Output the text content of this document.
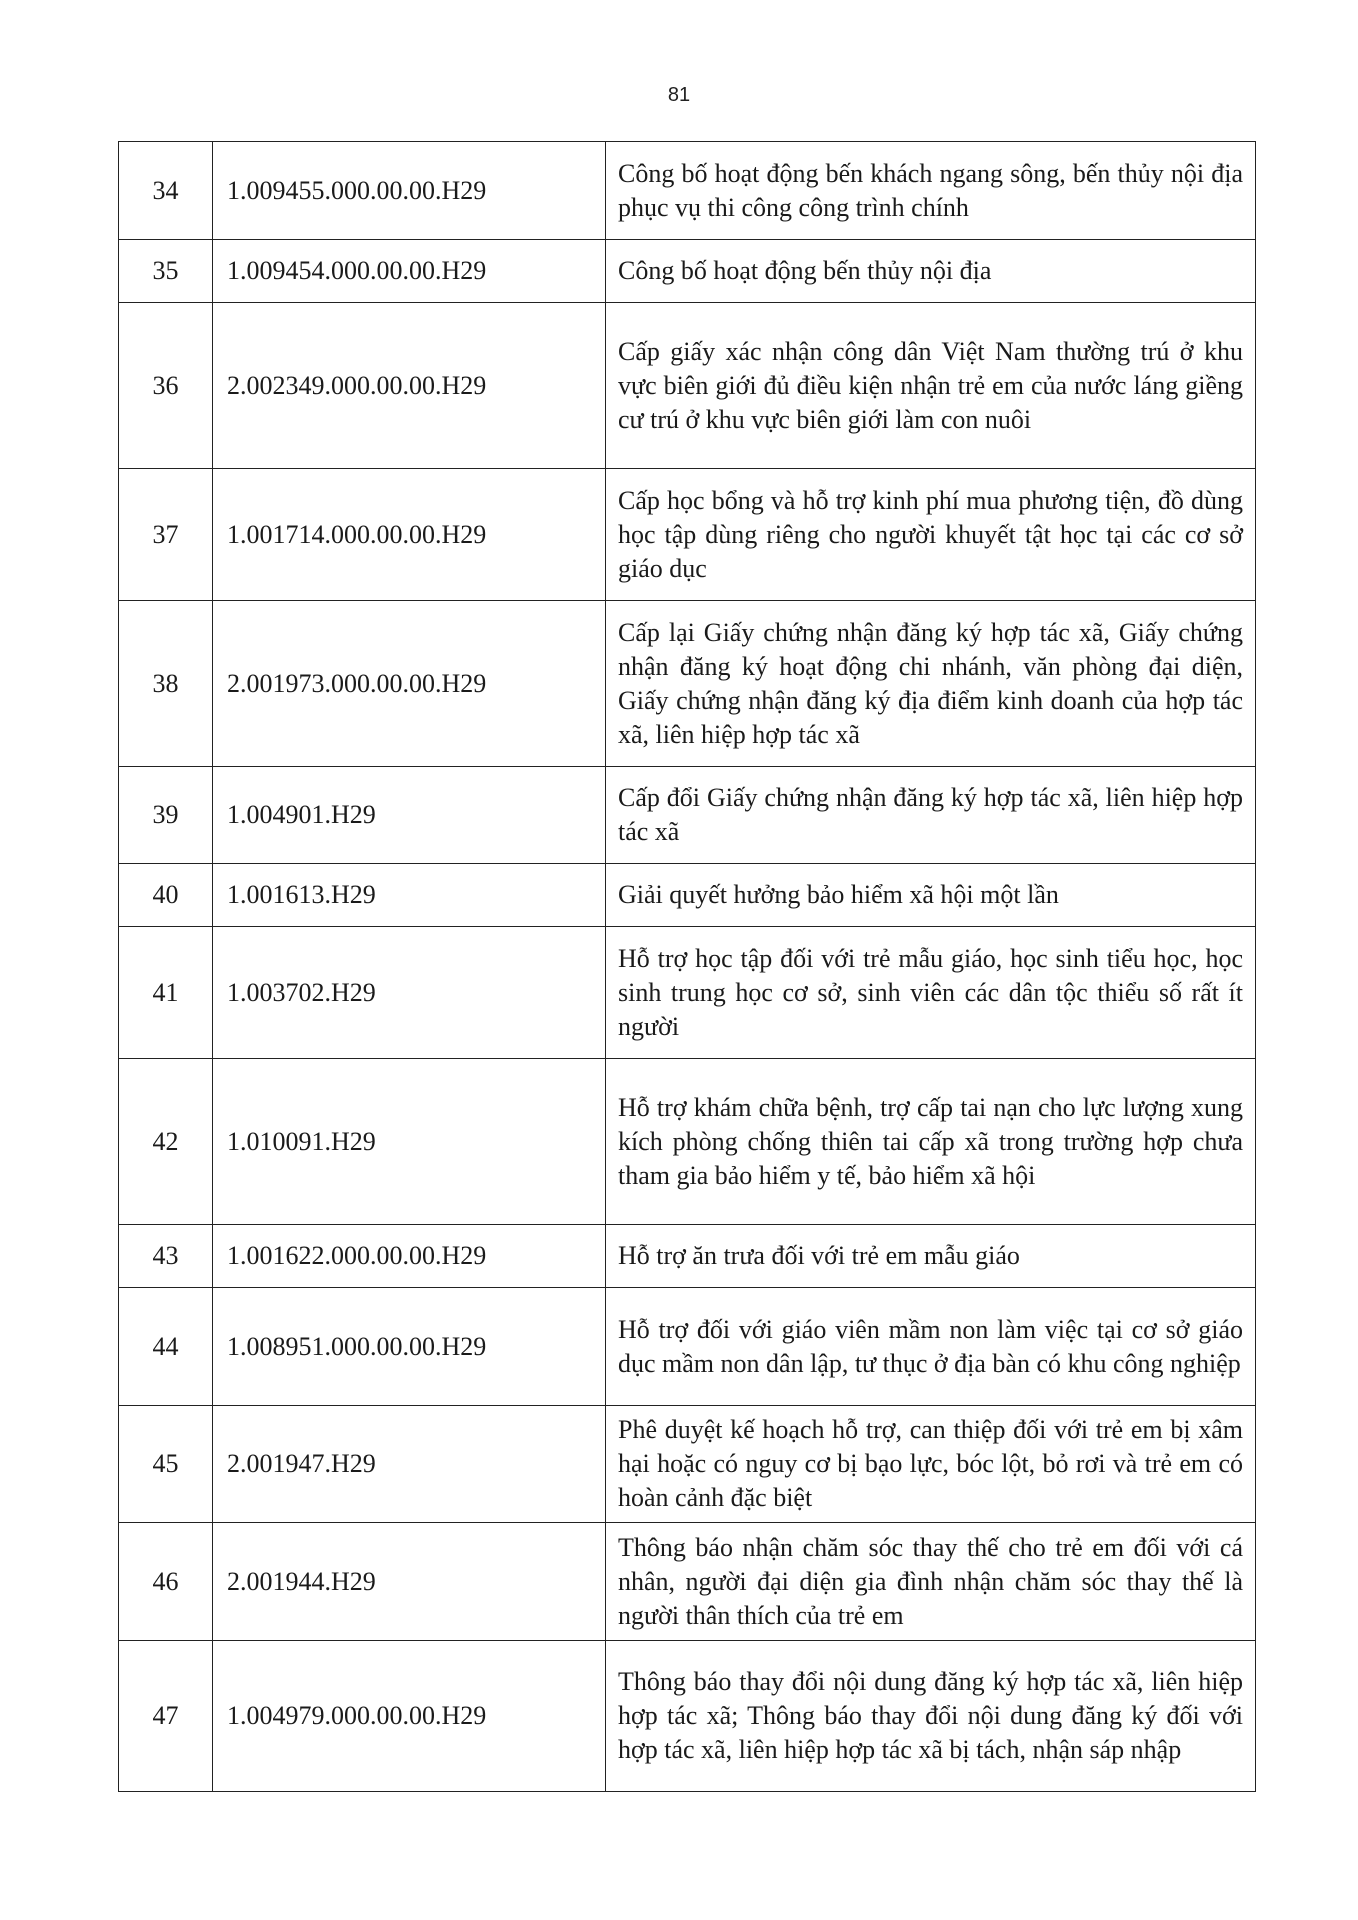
81
34	1.009455.000.00.00.H29	Công bố hoạt động bến khách ngang sông, bến thủy nội địa phục vụ thi công công trình chính

35	1.009454.000.00.00.H29	Công bố hoạt động bến thủy nội địa

36	2.002349.000.00.00.H29	Cấp giấy xác nhận công dân Việt Nam thường trú ở khu vực biên giới đủ điều kiện nhận trẻ em của nước láng giềng cư trú ở khu vực biên giới làm con nuôi

37	1.001714.000.00.00.H29	Cấp học bổng và hỗ trợ kinh phí mua phương tiện, đồ dùng học tập dùng riêng cho người khuyết tật học tại các cơ sở giáo dục

38	2.001973.000.00.00.H29	Cấp lại Giấy chứng nhận đăng ký hợp tác xã, Giấy chứng nhận đăng ký hoạt động chi nhánh, văn phòng đại diện, Giấy chứng nhận đăng ký địa điểm kinh doanh của hợp tác xã, liên hiệp hợp tác xã

39	1.004901.H29	Cấp đổi Giấy chứng nhận đăng ký hợp tác xã, liên hiệp hợp tác xã

40	1.001613.H29	Giải quyết hưởng bảo hiểm xã hội một lần

41	1.003702.H29	Hỗ trợ học tập đối với trẻ mẫu giáo, học sinh tiểu học, học sinh trung học cơ sở, sinh viên các dân tộc thiểu số rất ít người

42	1.010091.H29	Hỗ trợ khám chữa bệnh, trợ cấp tai nạn cho lực lượng xung kích phòng chống thiên tai cấp xã trong trường hợp chưa tham gia bảo hiểm y tế, bảo hiểm xã hội

43	1.001622.000.00.00.H29	Hỗ trợ ăn trưa đối với trẻ em mẫu giáo

44	1.008951.000.00.00.H29	Hỗ trợ đối với giáo viên mầm non làm việc tại cơ sở giáo dục mầm non dân lập, tư thục ở địa bàn có khu công nghiệp

45	2.001947.H29	Phê duyệt kế hoạch hỗ trợ, can thiệp đối với trẻ em bị xâm hại hoặc có nguy cơ bị bạo lực, bóc lột, bỏ rơi và trẻ em có hoàn cảnh đặc biệt

46	2.001944.H29	Thông báo nhận chăm sóc thay thế cho trẻ em đối với cá nhân, người đại diện gia đình nhận chăm sóc thay thế là người thân thích của trẻ em

47	1.004979.000.00.00.H29	Thông báo thay đổi nội dung đăng ký hợp tác xã, liên hiệp hợp tác xã; Thông báo thay đổi nội dung đăng ký đối với hợp tác xã, liên hiệp hợp tác xã bị tách, nhận sáp nhập
